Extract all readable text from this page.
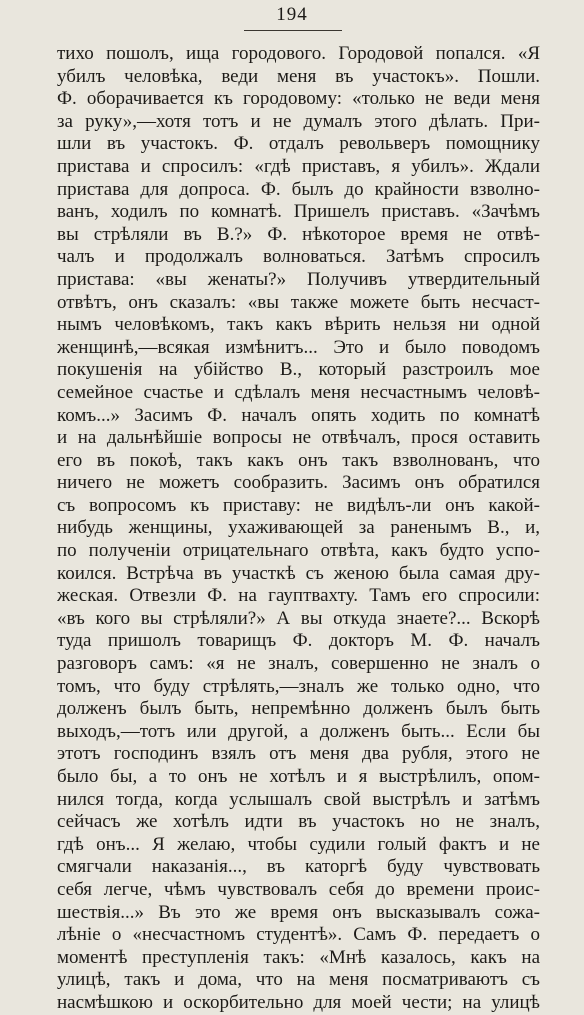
194
тихо пошолъ, ища городового. Городовой попался. «Я
убилъ человѣка, веди меня въ участокъ». Пошли.
Ф. оборачивается къ городовому: «только не веди меня
за руку»,—хотя тотъ и не думалъ этого дѣлать. При-
шли въ участокъ. Ф. отдалъ револьверъ помощнику
пристава и спросилъ: «гдѣ приставъ, я убилъ». Ждали
пристава для допроса. Ф. былъ до крайности взволно-
ванъ, ходилъ по комнатѣ. Пришелъ приставъ. «Зачѣмъ
вы стрѣляли въ В.?» Ф. нѣкоторое время не отвѣ-
чалъ и продолжалъ волноваться. Затѣмъ спросилъ
пристава: «вы женаты?» Получивъ утвердительный
отвѣтъ, онъ сказалъ: «вы также можете быть несчаст-
нымъ человѣкомъ, такъ какъ вѣрить нельзя ни одной
женщинѣ,—всякая измѣнитъ... Это и было поводомъ
покушенія на убійство В., который разстроилъ мое
семейное счастье и сдѣлалъ меня несчастнымъ человѣ-
комъ...» Засимъ Ф. началъ опять ходить по комнатѣ
и на дальнѣйшіе вопросы не отвѣчалъ, прося оставить
его въ покоѣ, такъ какъ онъ такъ взволнованъ, что
ничего не можетъ сообразить. Засимъ онъ обратился
съ вопросомъ къ приставу: не видѣлъ-ли онъ какой-
нибудь женщины, ухаживающей за раненымъ В., и,
по полученіи отрицательнаго отвѣта, какъ будто успо-
коился. Встрѣча въ участкѣ съ женою была самая дру-
жеская. Отвезли Ф. на гауптвахту. Тамъ его спросили:
«въ кого вы стрѣляли?» А вы откуда знаете?... Вскорѣ
туда пришолъ товарищъ Ф. докторъ М. Ф. началъ
разговоръ самъ: «я не зналъ, совершенно не зналъ о
томъ, что буду стрѣлять,—зналъ же только одно, что
долженъ былъ быть, непремѣнно долженъ былъ быть
выходъ,—тотъ или другой, а долженъ быть... Если бы
этотъ господинъ взялъ отъ меня два рубля, этого не
было бы, а то онъ не хотѣлъ и я выстрѣлилъ, опом-
нился тогда, когда услышалъ свой выстрѣлъ и затѣмъ
сейчасъ же хотѣлъ идти въ участокъ но не зналъ,
гдѣ онъ... Я желаю, чтобы судили голый фактъ и не
смягчали наказанія..., въ каторгѣ буду чувствовать
себя легче, чѣмъ чувствовалъ себя до времени проис-
шествія...» Въ это же время онъ высказывалъ сожа-
лѣніе о «несчастномъ студентѣ». Самъ Ф. передаетъ о
моментѣ преступленія такъ: «Мнѣ казалось, какъ на
улицѣ, такъ и дома, что на меня посматриваютъ съ
насмѣшкою и оскорбительно для моей чести; на улицѣ
